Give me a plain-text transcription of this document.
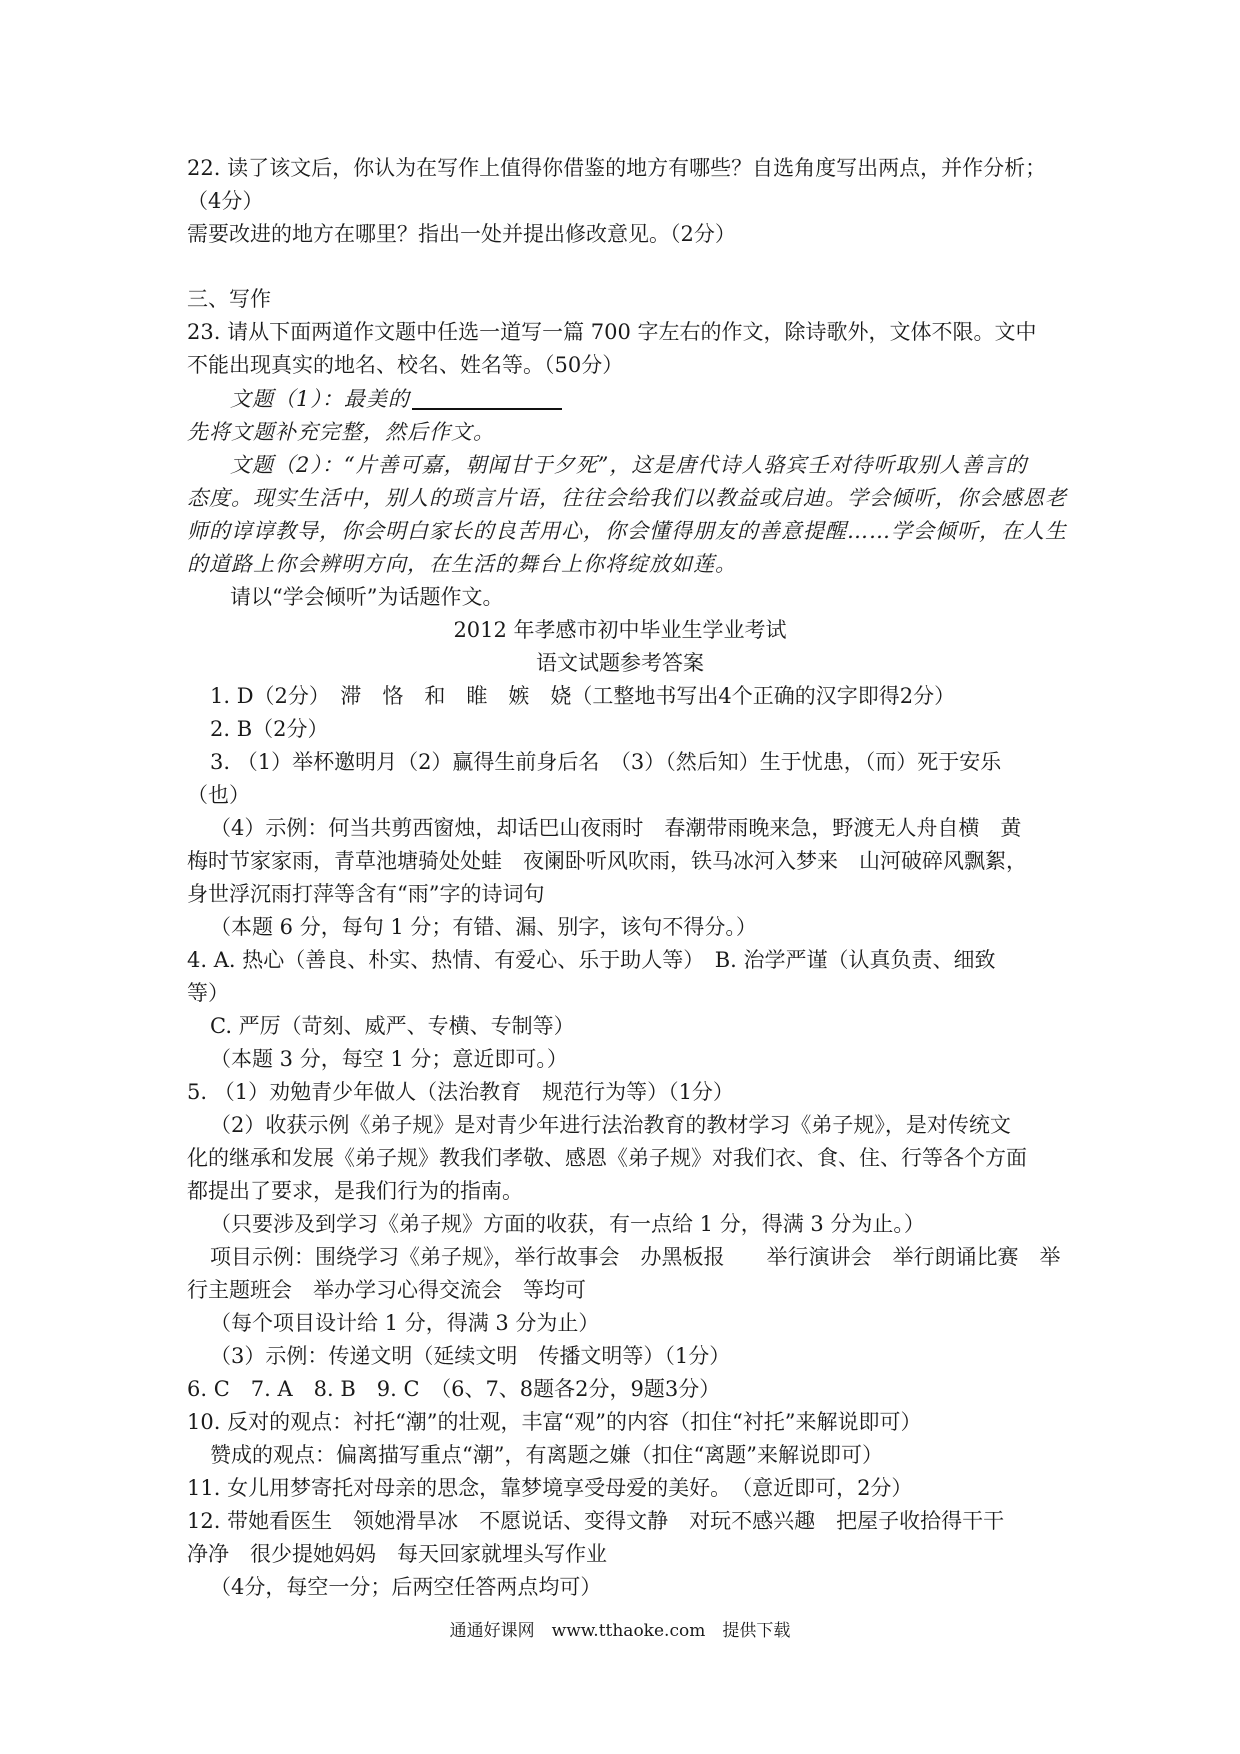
22. 读了该文后，你认为在写作上值得你借鉴的地方有哪些？自选角度写出两点，并作分析；
（4分）
需要改进的地方在哪里？指出一处并提出修改意见。（2分）
三、写作
23. 请从下面两道作文题中任选一道写一篇 700 字左右的作文，除诗歌外，文体不限。文中
不能出现真实的地名、校名、姓名等。（50分）
文题（1）：最美的
先将文题补充完整，然后作文。
文题（2）：“片善可嘉，朝闻甘于夕死”，这是唐代诗人骆宾壬对待听取别人善言的
态度。现实生活中，别人的琐言片语，往往会给我们以教益或启迪。学会倾听，你会感恩老
师的谆谆教导，你会明白家长的良苦用心，你会懂得朋友的善意提醒……学会倾听，在人生
的道路上你会辨明方向，在生活的舞台上你将绽放如莲。
请以“学会倾听”为话题作文。
2012 年孝感市初中毕业生学业考试
语文试题参考答案
1. D（2分）　滞　恪　和　睢　嫉　娆（工整地书写出4个正确的汉字即得2分）
2. B（2分）
3. （1）举杯邀明月（2）赢得生前身后名　（3）（然后知）生于忧患，（而）死于安乐
（也）
（4）示例：何当共剪西窗烛，却话巴山夜雨时　春潮带雨晚来急，野渡无人舟自横　黄
梅时节家家雨，青草池塘骑处处蛙　夜阑卧听风吹雨，铁马冰河入梦来　山河破碎风飘絮，
身世浮沉雨打萍等含有“雨”字的诗词句
（本题 6 分，每句 1 分；有错、漏、别字，该句不得分。）
4. A. 热心（善良、朴实、热情、有爱心、乐于助人等）　B. 治学严谨（认真负责、细致
等）
C. 严厉（苛刻、威严、专横、专制等）
（本题 3 分，每空 1 分；意近即可。）
5. （1）劝勉青少年做人（法治教育　规范行为等）（1分）
（2）收获示例《弟子规》是对青少年进行法治教育的教材学习《弟子规》，是对传统文
化的继承和发展《弟子规》教我们孝敬、感恩《弟子规》对我们衣、食、住、行等各个方面
都提出了要求，是我们行为的指南。
（只要涉及到学习《弟子规》方面的收获，有一点给 1 分，得满 3 分为止。）
项目示例：围绕学习《弟子规》，举行故事会　办黑板报　　举行演讲会　举行朗诵比赛　举
行主题班会　举办学习心得交流会　等均可
（每个项目设计给 1 分，得满 3 分为止）
（3）示例：传递文明（延续文明　传播文明等）（1分）
6. C　7. A　8. B　9. C　（6、7、8题各2分，9题3分）
10. 反对的观点：衬托“潮”的壮观，丰富“观”的内容（扣住“衬托”来解说即可）
赞成的观点：偏离描写重点“潮”，有离题之嫌（扣住“离题”来解说即可）
11. 女儿用梦寄托对母亲的思念，靠梦境享受母爱的美好。　（意近即可，2分）
12. 带她看医生　领她滑旱冰　不愿说话、变得文静　对玩不感兴趣　把屋子收拾得干干
净净　很少提她妈妈　每天回家就埋头写作业
（4分，每空一分；后两空任答两点均可）
通通好课网　www.tthaoke.com　提供下载
